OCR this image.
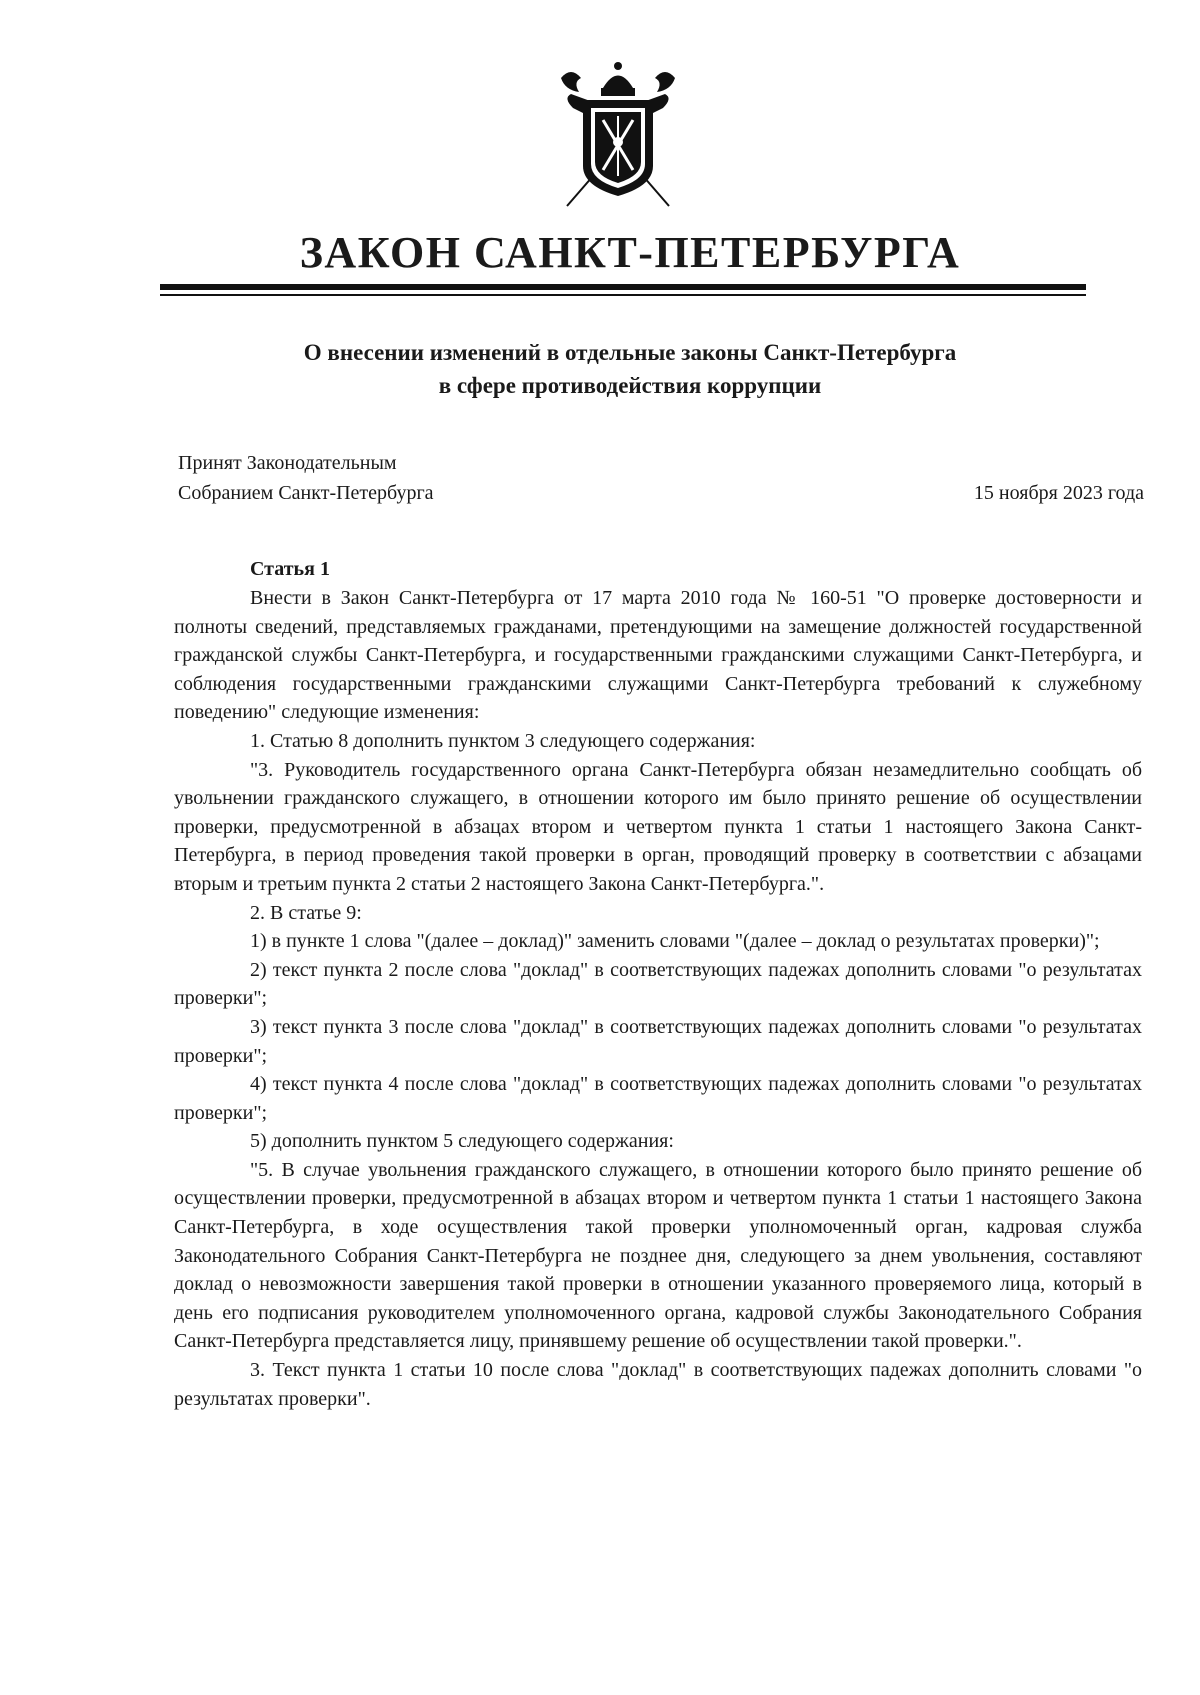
ЗАКОН САНКТ-ПЕТЕРБУРГА
О внесении изменений в отдельные законы Санкт-Петербурга
в сфере противодействия коррупции
Принят Законодательным
Собранием Санкт-Петербурга	15 ноября 2023 года
Статья 1

Внести в Закон Санкт-Петербурга от 17 марта 2010 года № 160-51 "О проверке достоверности и полноты сведений, представляемых гражданами, претендующими на замещение должностей государственной гражданской службы Санкт-Петербурга, и государственными гражданскими служащими Санкт-Петербурга, и соблюдения государственными гражданскими служащими Санкт-Петербурга требований к служебному поведению" следующие изменения:

1. Статью 8 дополнить пунктом 3 следующего содержания:

"3. Руководитель государственного органа Санкт-Петербурга обязан незамедлительно сообщать об увольнении гражданского служащего, в отношении которого им было принято решение об осуществлении проверки, предусмотренной в абзацах втором и четвертом пункта 1 статьи 1 настоящего Закона Санкт-Петербурга, в период проведения такой проверки в орган, проводящий проверку в соответствии с абзацами вторым и третьим пункта 2 статьи 2 настоящего Закона Санкт-Петербурга.".

2. В статье 9:

1) в пункте 1 слова "(далее – доклад)" заменить словами "(далее – доклад о результатах проверки)";

2) текст пункта 2 после слова "доклад" в соответствующих падежах дополнить словами "о результатах проверки";

3) текст пункта 3 после слова "доклад" в соответствующих падежах дополнить словами "о результатах проверки";

4) текст пункта 4 после слова "доклад" в соответствующих падежах дополнить словами "о результатах проверки";

5) дополнить пунктом 5 следующего содержания:

"5. В случае увольнения гражданского служащего, в отношении которого было принято решение об осуществлении проверки, предусмотренной в абзацах втором и четвертом пункта 1 статьи 1 настоящего Закона Санкт-Петербурга, в ходе осуществления такой проверки уполномоченный орган, кадровая служба Законодательного Собрания Санкт-Петербурга не позднее дня, следующего за днем увольнения, составляют доклад о невозможности завершения такой проверки в отношении указанного проверяемого лица, который в день его подписания руководителем уполномоченного органа, кадровой службы Законодательного Собрания Санкт-Петербурга представляется лицу, принявшему решение об осуществлении такой проверки.".

3. Текст пункта 1 статьи 10 после слова "доклад" в соответствующих падежах дополнить словами "о результатах проверки".
